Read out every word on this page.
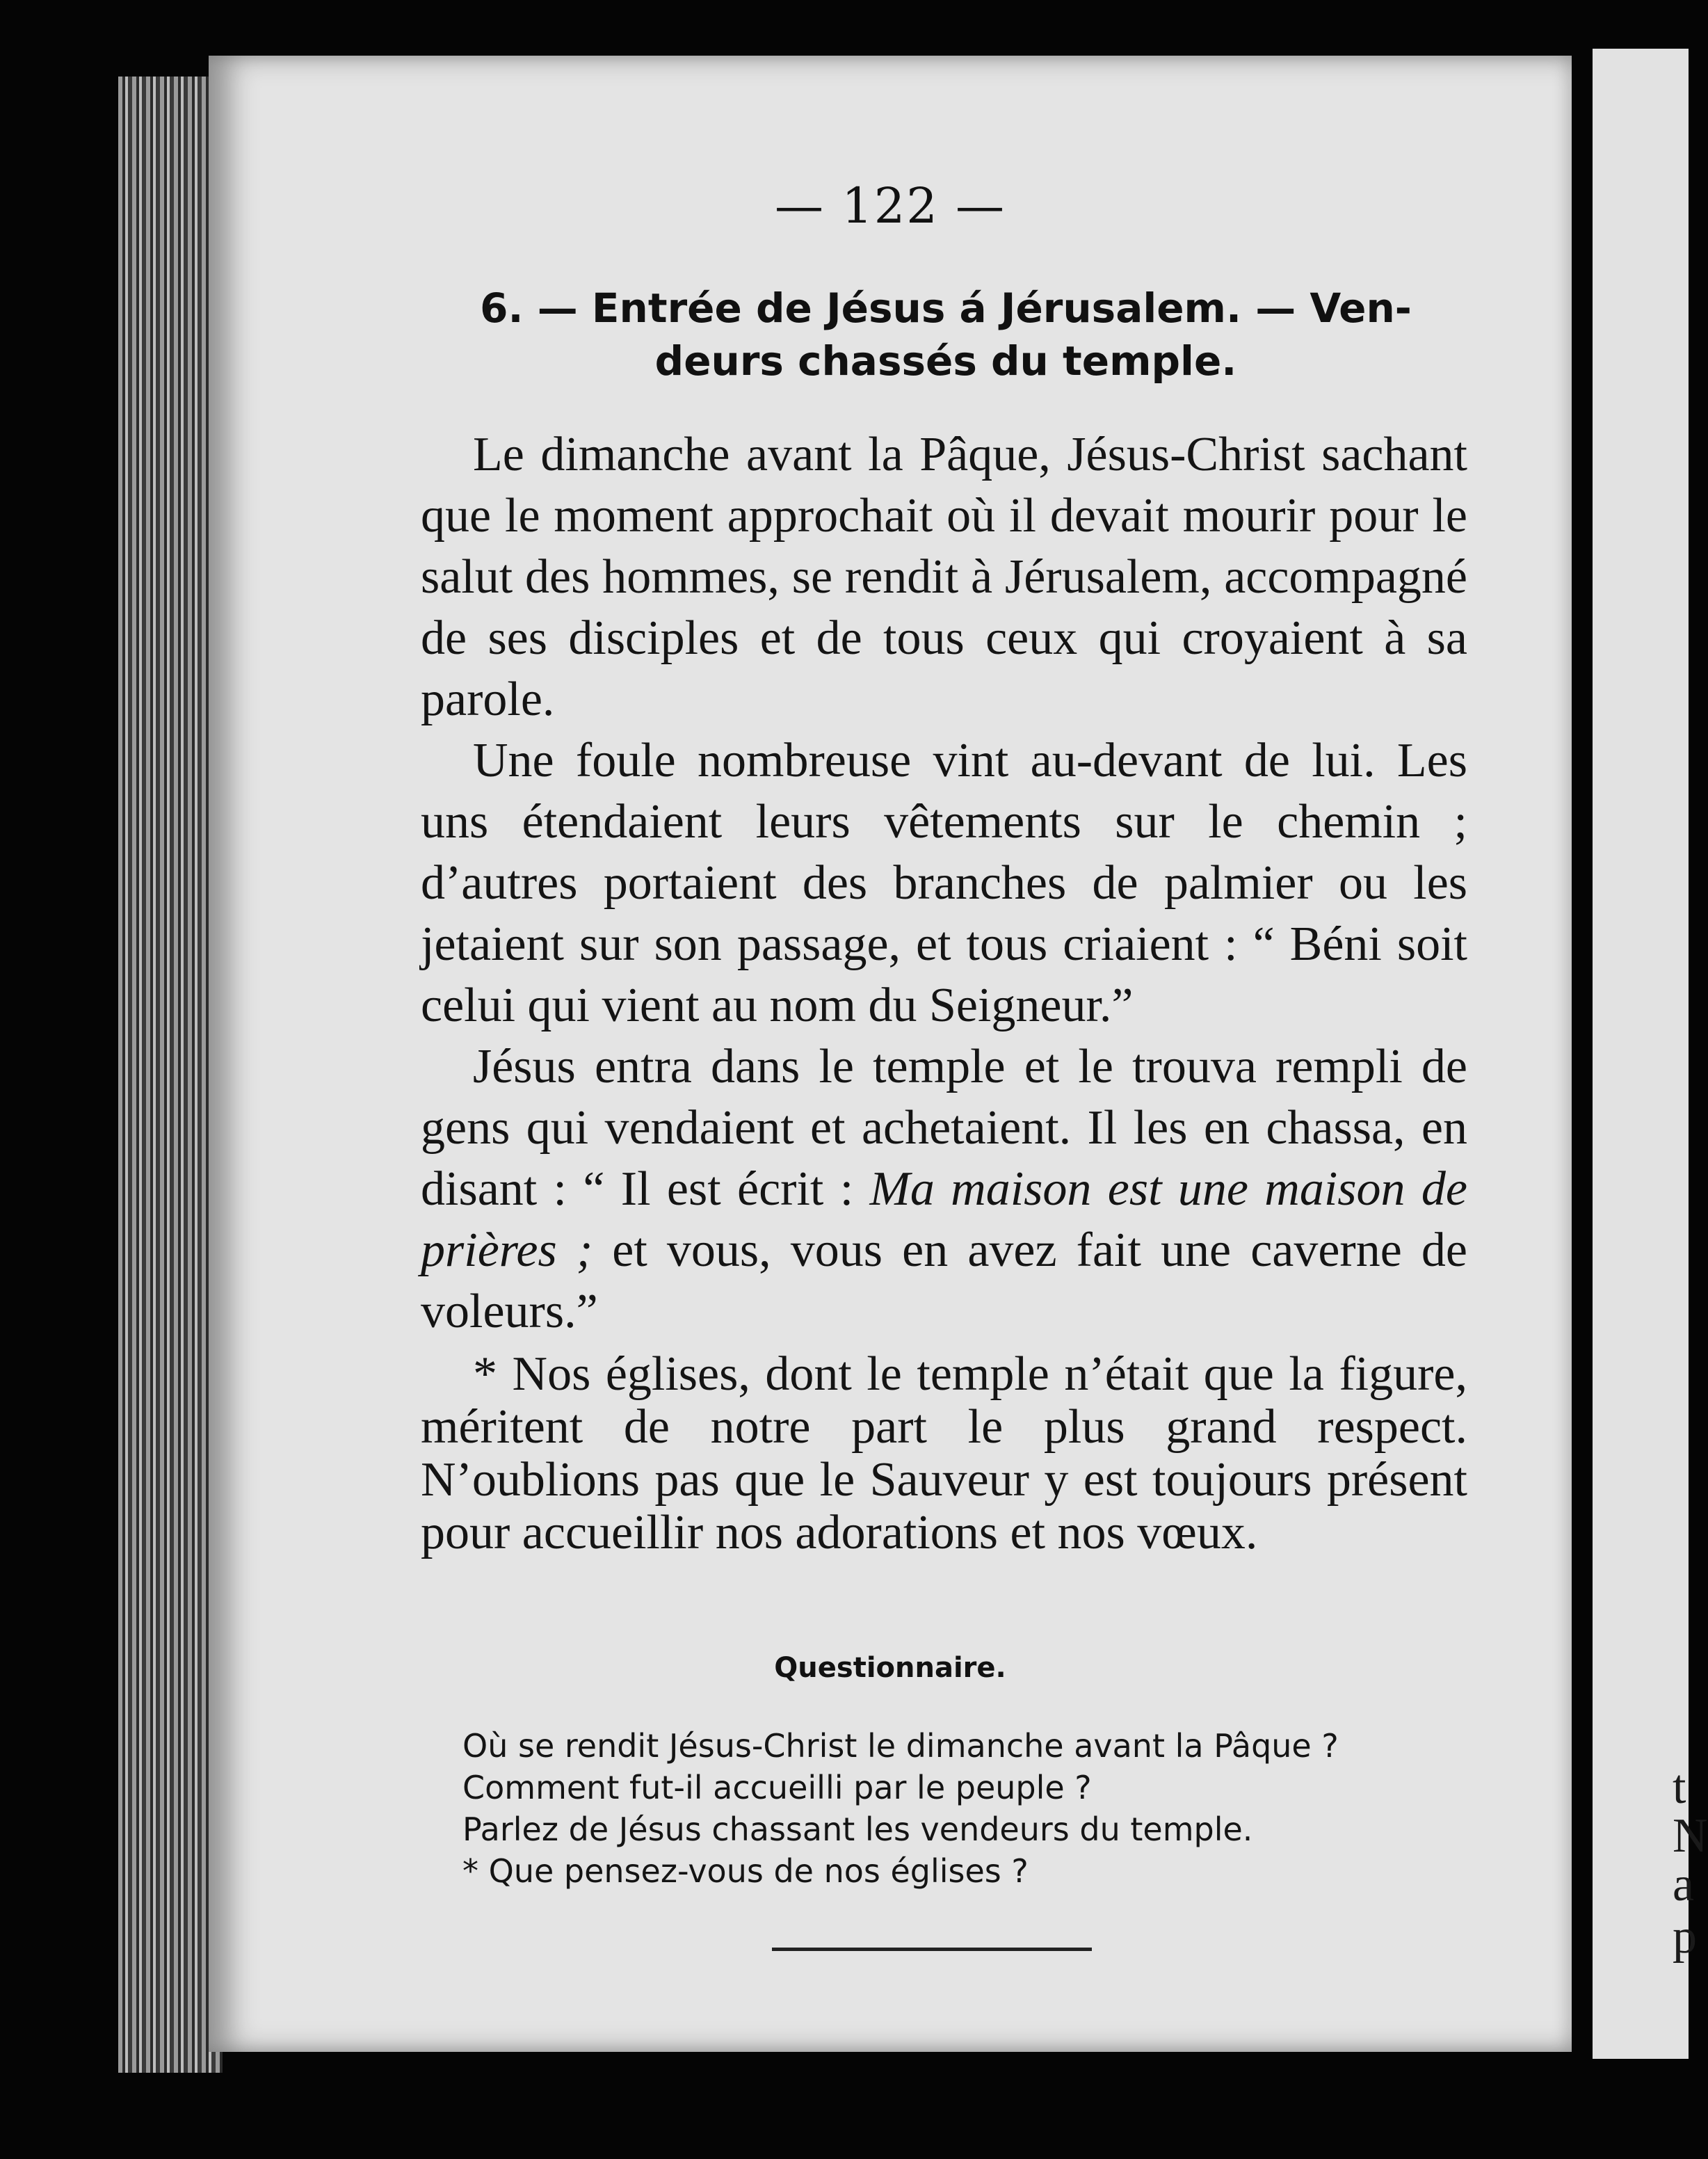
t
N
a
p
— 122 —
6. — Entrée de Jésus á Jérusalem. — Ven-
deurs chassés du temple.

Le dimanche avant la Pâque, Jésus-Christ sachant que le moment approchait où il devait mourir pour le salut des hommes, se rendit à Jérusalem, accompagné de ses disciples et de tous ceux qui croyaient à sa parole.

Une foule nombreuse vint au-devant de lui. Les uns étendaient leurs vêtements sur le chemin ; d’autres portaient des branches de palmier ou les jetaient sur son passage, et tous criaient : “ Béni soit celui qui vient au nom du Seigneur.”

Jésus entra dans le temple et le trouva rempli de gens qui vendaient et achetaient. Il les en chassa, en disant : “ Il est écrit : Ma maison est une maison de prières ; et vous, vous en avez fait une caverne de voleurs.”

* Nos églises, dont le temple n’était que la figure, méritent de notre part le plus grand respect. N’oublions pas que le Sauveur y est toujours présent pour accueillir nos adorations et nos vœux.

Questionnaire.
Où se rendit Jésus-Christ le dimanche avant la Pâque ?
Comment fut-il accueilli par le peuple ?
Parlez de Jésus chassant les vendeurs du temple.
* Que pensez-vous de nos églises ?
